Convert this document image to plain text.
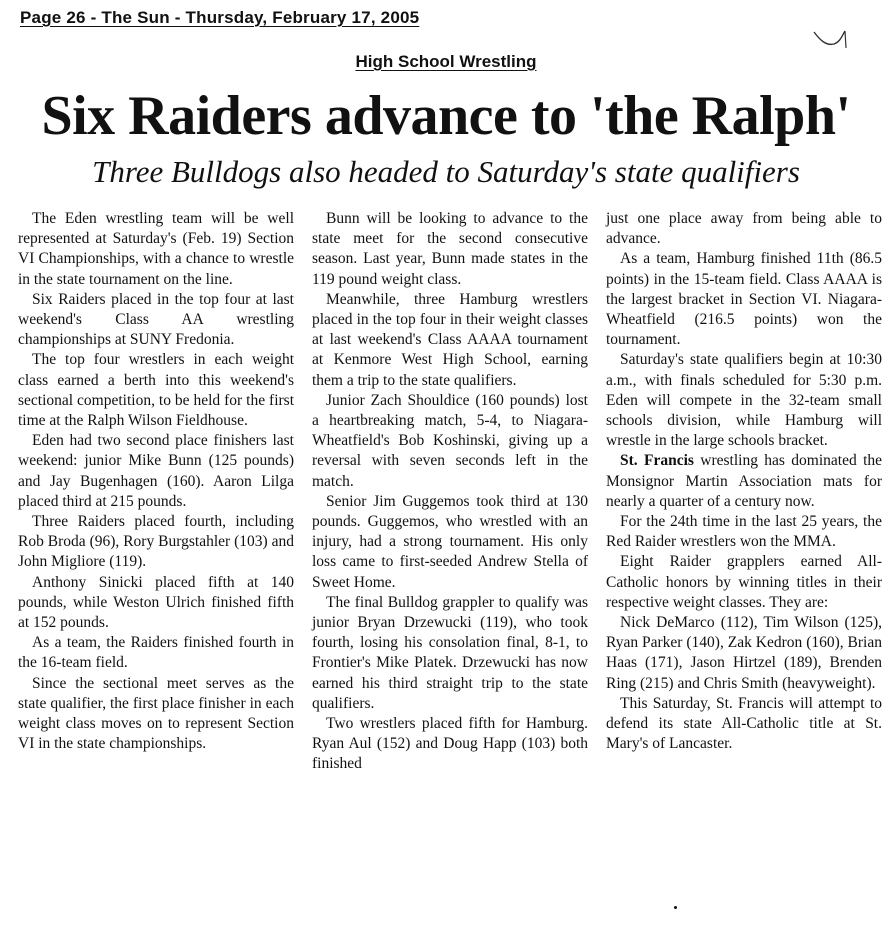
Page 26 - The Sun - Thursday, February 17, 2005
High School Wrestling
Six Raiders advance to 'the Ralph'
Three Bulldogs also headed to Saturday's state qualifiers

The Eden wrestling team will be well represented at Saturday's (Feb. 19) Section VI Championships, with a chance to wrestle in the state tournament on the line.

Six Raiders placed in the top four at last weekend's Class AA wrestling championships at SUNY Fredonia.

The top four wrestlers in each weight class earned a berth into this weekend's sectional competition, to be held for the first time at the Ralph Wilson Fieldhouse.

Eden had two second place finishers last weekend: junior Mike Bunn (125 pounds) and Jay Bugenhagen (160). Aaron Lilga placed third at 215 pounds.

Three Raiders placed fourth, including Rob Broda (96), Rory Burgstahler (103) and John Migliore (119).

Anthony Sinicki placed fifth at 140 pounds, while Weston Ulrich finished fifth at 152 pounds.

As a team, the Raiders finished fourth in the 16-team field.

Since the sectional meet serves as the state qualifier, the first place finisher in each weight class moves on to represent Section VI in the state championships.

Bunn will be looking to advance to the state meet for the second consecutive season. Last year, Bunn made states in the 119 pound weight class.

Meanwhile, three Hamburg wrestlers placed in the top four in their weight classes at last weekend's Class AAAA tournament at Kenmore West High School, earning them a trip to the state qualifiers.

Junior Zach Shouldice (160 pounds) lost a heartbreaking match, 5-4, to Niagara-Wheatfield's Bob Koshinski, giving up a reversal with seven seconds left in the match.

Senior Jim Guggemos took third at 130 pounds. Guggemos, who wrestled with an injury, had a strong tournament. His only loss came to first-seeded Andrew Stella of Sweet Home.

The final Bulldog grappler to qualify was junior Bryan Drzewucki (119), who took fourth, losing his consolation final, 8-1, to Frontier's Mike Platek. Drzewucki has now earned his third straight trip to the state qualifiers.

Two wrestlers placed fifth for Hamburg. Ryan Aul (152) and Doug Happ (103) both finished

just one place away from being able to advance.

As a team, Hamburg finished 11th (86.5 points) in the 15-team field. Class AAAA is the largest bracket in Section VI. Niagara-Wheatfield (216.5 points) won the tournament.

Saturday's state qualifiers begin at 10:30 a.m., with finals scheduled for 5:30 p.m. Eden will compete in the 32-team small schools division, while Hamburg will wrestle in the large schools bracket.

St. Francis wrestling has dominated the Monsignor Martin Association mats for nearly a quarter of a century now.

For the 24th time in the last 25 years, the Red Raider wrestlers won the MMA.

Eight Raider grapplers earned All-Catholic honors by winning titles in their respective weight classes. They are:

Nick DeMarco (112), Tim Wilson (125), Ryan Parker (140), Zak Kedron (160), Brian Haas (171), Jason Hirtzel (189), Brenden Ring (215) and Chris Smith (heavyweight).

This Saturday, St. Francis will attempt to defend its state All-Catholic title at St. Mary's of Lancaster.
